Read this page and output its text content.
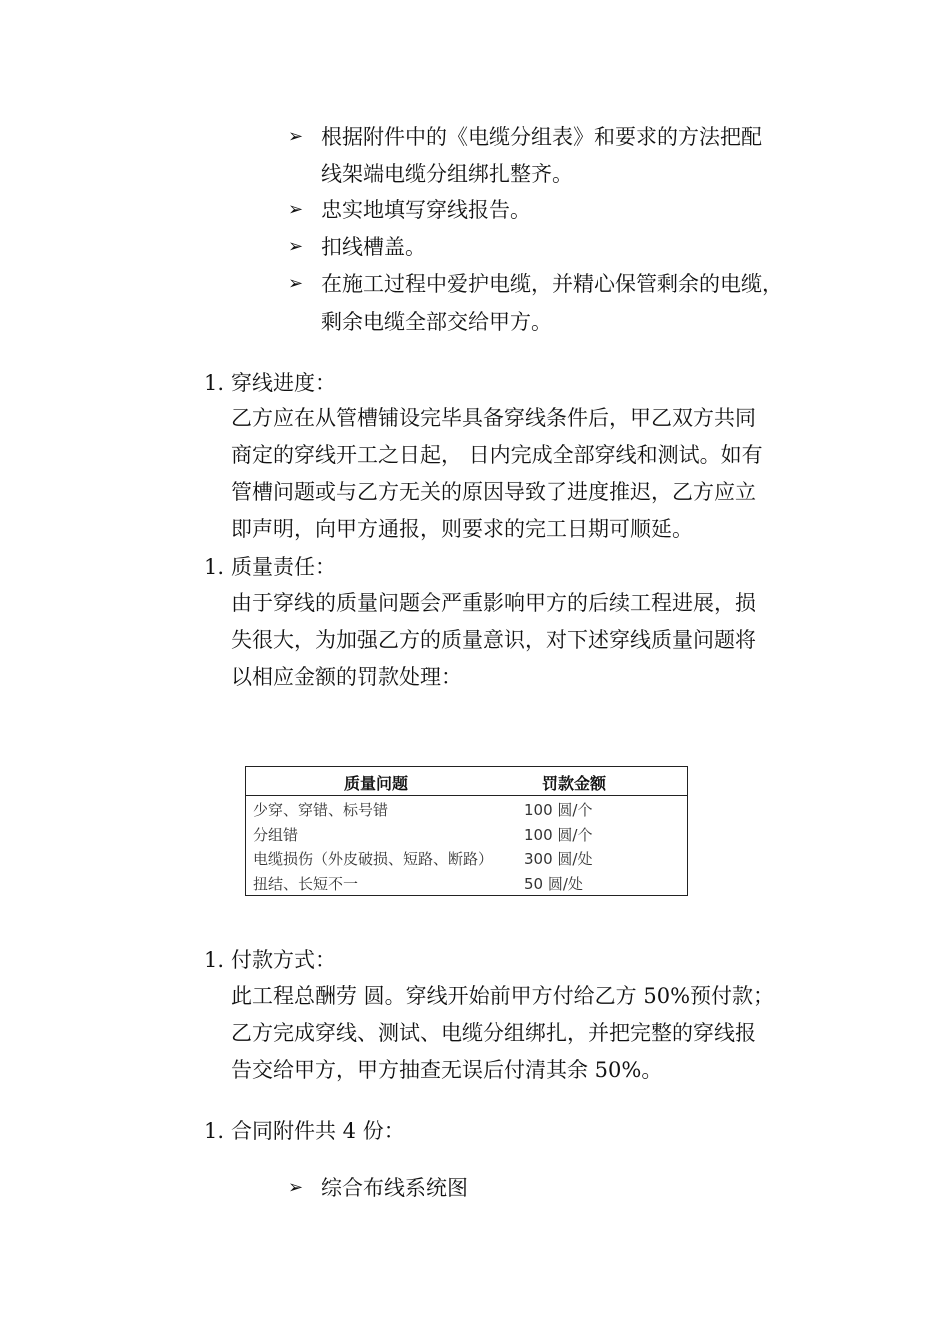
➢ 根据附件中的《电缆分组表》和要求的方法把配
线架端电缆分组绑扎整齐。
➢ 忠实地填写穿线报告。
➢ 扣线槽盖。
➢ 在施工过程中爱护电缆，并精心保管剩余的电缆，
剩余电缆全部交给甲方。
1. 穿线进度：
乙方应在从管槽铺设完毕具备穿线条件后，甲乙双方共同
商定的穿线开工之日起， 日内完成全部穿线和测试。如有
管槽问题或与乙方无关的原因导致了进度推迟，乙方应立
即声明，向甲方通报，则要求的完工日期可顺延。
1. 质量责任：
由于穿线的质量问题会严重影响甲方的后续工程进展，损
失很大，为加强乙方的质量意识，对下述穿线质量问题将
以相应金额的罚款处理：
质量问题	罚款金额
少穿、穿错、标号错	100 圆/个
分组错	100 圆/个
电缆损伤（外皮破损、短路、断路） 300 圆/处
扭结、长短不一	50 圆/处
1. 付款方式：
此工程总酬劳 圆。穿线开始前甲方付给乙方 50%预付款；
乙方完成穿线、测试、电缆分组绑扎，并把完整的穿线报
告交给甲方，甲方抽查无误后付清其余 50%。
1. 合同附件共 4 份：
➢ 综合布线系统图
